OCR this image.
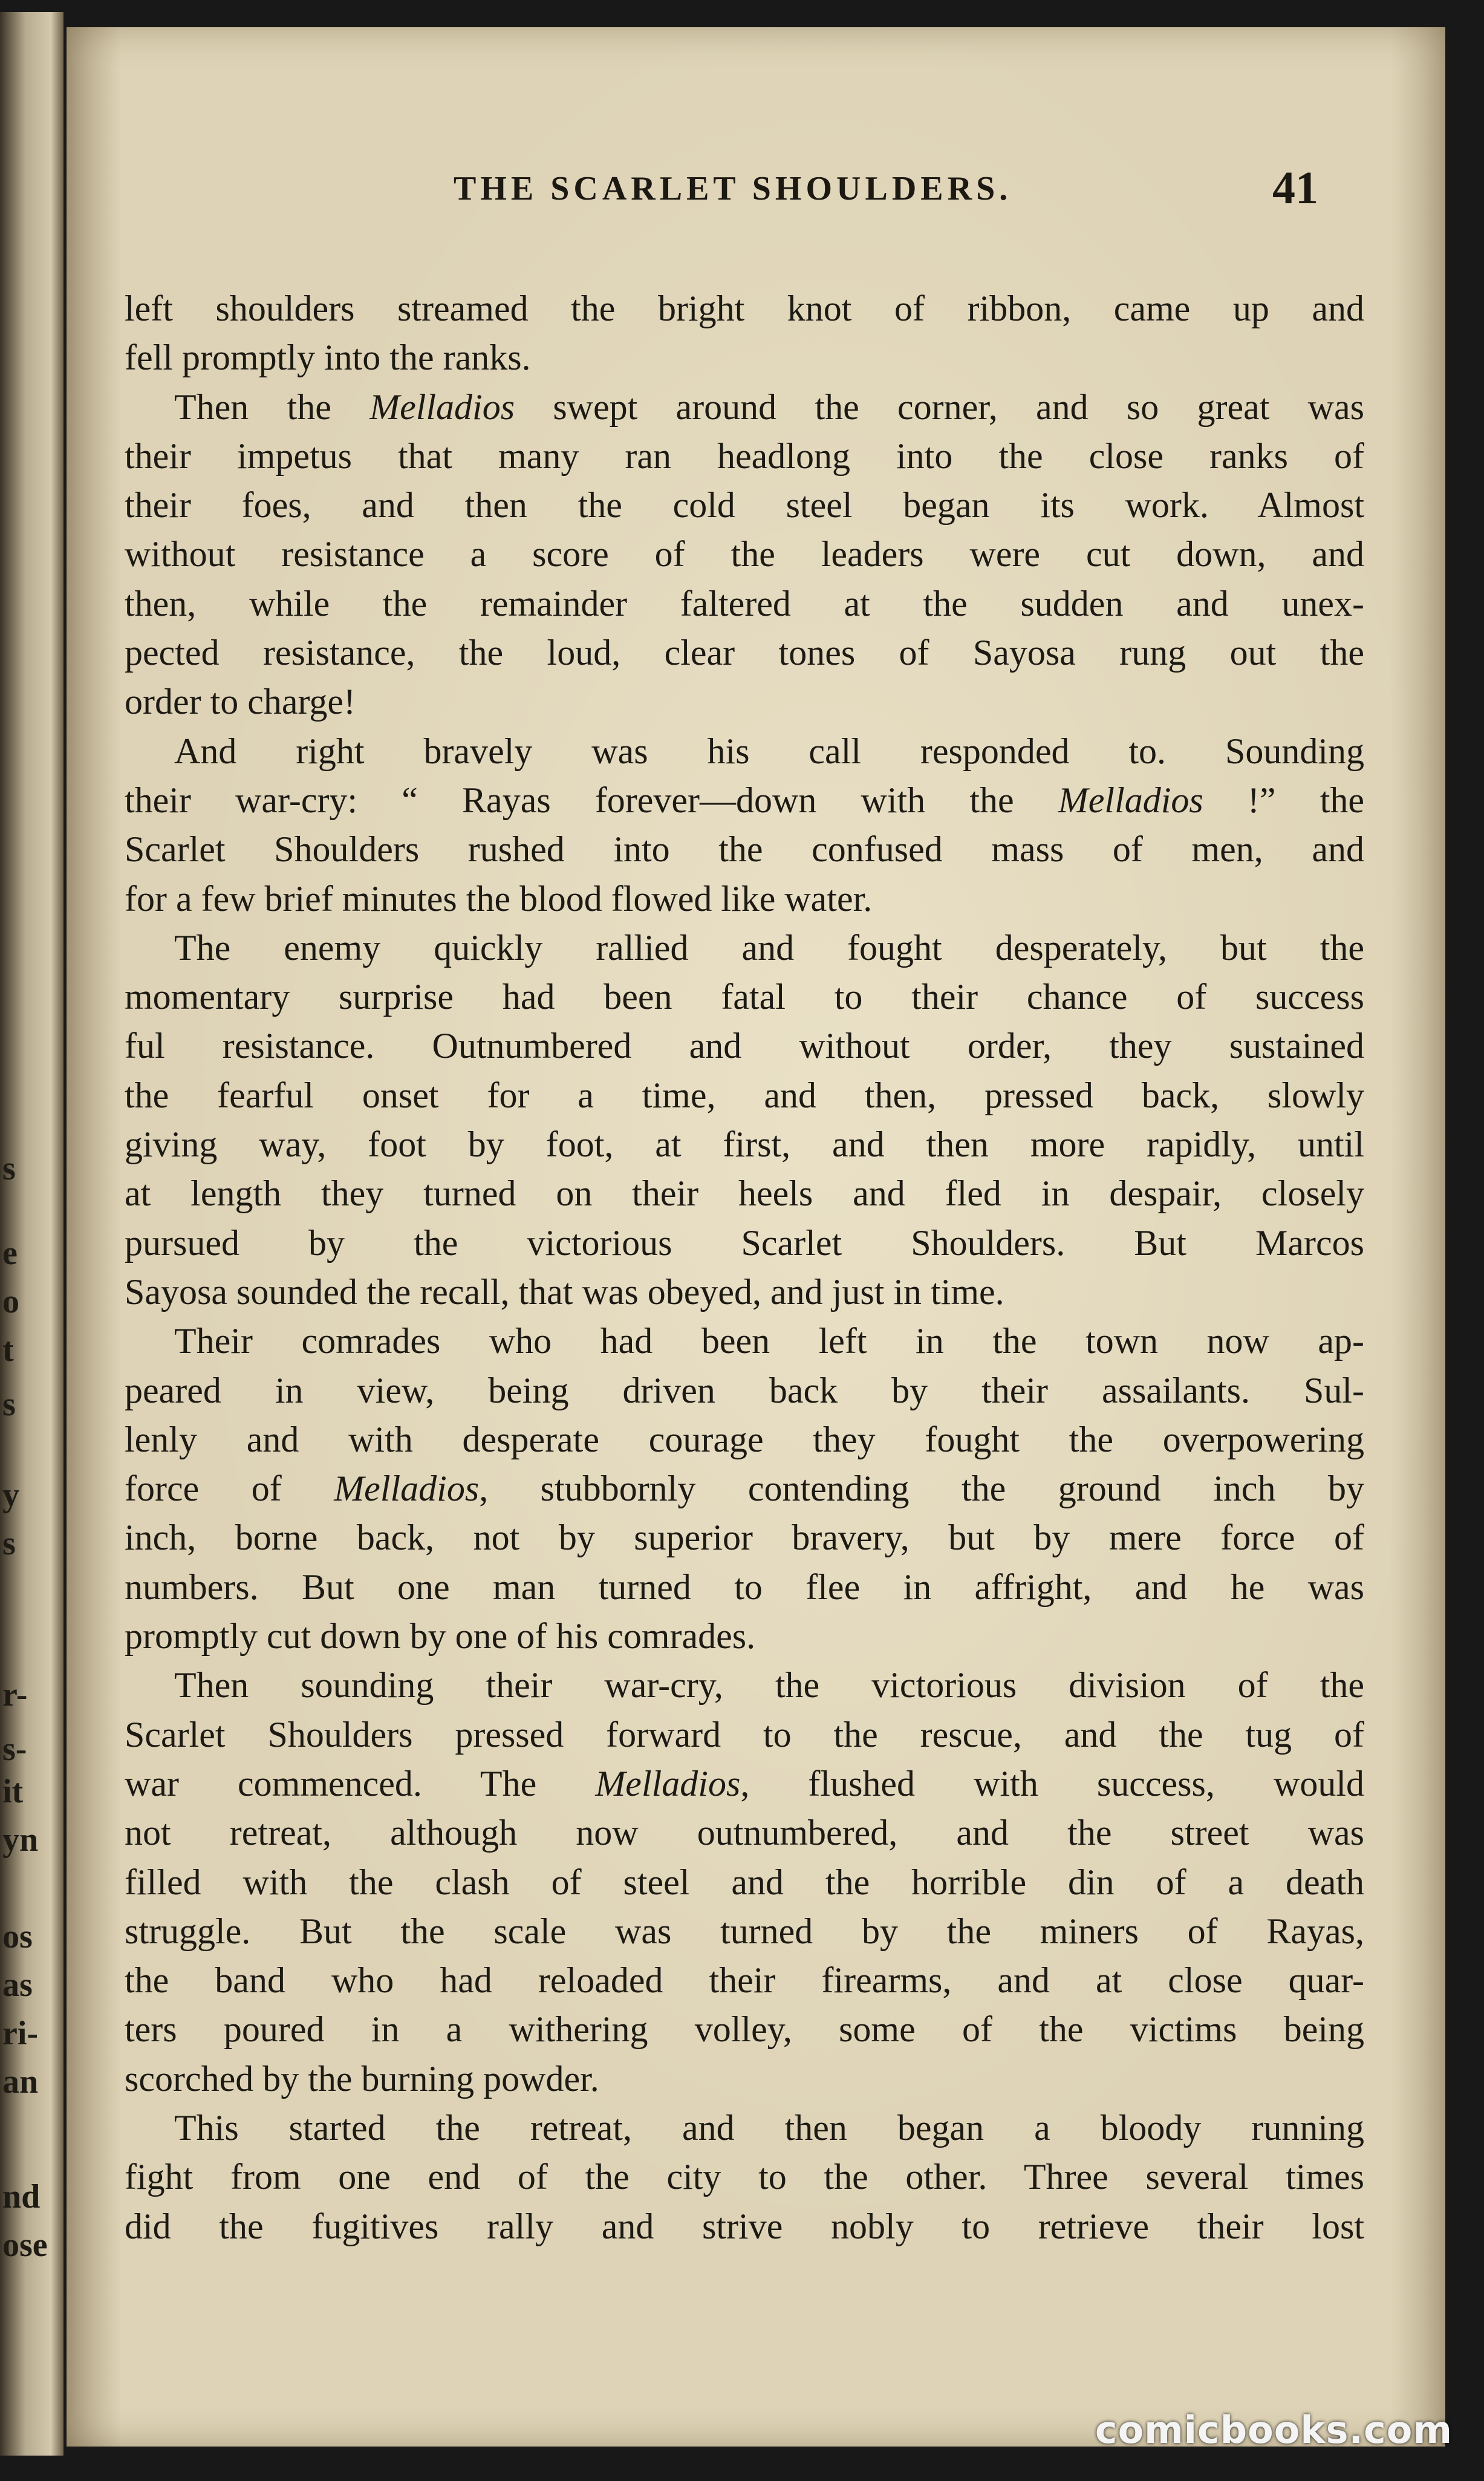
s
e
o
t
s
y
s
r-
s-
it
yn
os
as
ri-
an
nd
ose
THE SCARLET SHOULDERS.	41
left shoulders streamed the bright knot of ribbon, came up and
fell promptly into the ranks.
Then the Melladios swept around the corner, and so great was
their impetus that many ran headlong into the close ranks of
their foes, and then the cold steel began its work. Almost
without resistance a score of the leaders were cut down, and
then, while the remainder faltered at the sudden and unex-
pected resistance, the loud, clear tones of Sayosa rung out the
order to charge!
And right bravely was his call responded to. Sounding
their war-cry: “ Rayas forever—down with the Melladios !” the
Scarlet Shoulders rushed into the confused mass of men, and
for a few brief minutes the blood flowed like water.
The enemy quickly rallied and fought desperately, but the
momentary surprise had been fatal to their chance of success
ful resistance. Outnumbered and without order, they sustained
the fearful onset for a time, and then, pressed back, slowly
giving way, foot by foot, at first, and then more rapidly, until
at length they turned on their heels and fled in despair, closely
pursued by the victorious Scarlet Shoulders. But Marcos
Sayosa sounded the recall, that was obeyed, and just in time.
Their comrades who had been left in the town now ap-
peared in view, being driven back by their assailants. Sul-
lenly and with desperate courage they fought the overpowering
force of Melladios, stubbornly contending the ground inch by
inch, borne back, not by superior bravery, but by mere force of
numbers. But one man turned to flee in affright, and he was
promptly cut down by one of his comrades.
Then sounding their war-cry, the victorious division of the
Scarlet Shoulders pressed forward to the rescue, and the tug of
war commenced. The Melladios, flushed with success, would
not retreat, although now outnumbered, and the street was
filled with the clash of steel and the horrible din of a death
struggle. But the scale was turned by the miners of Rayas,
the band who had reloaded their firearms, and at close quar-
ters poured in a withering volley, some of the victims being
scorched by the burning powder.
This started the retreat, and then began a bloody running
fight from one end of the city to the other. Three several times
did the fugitives rally and strive nobly to retrieve their lost
comicbooks.com
